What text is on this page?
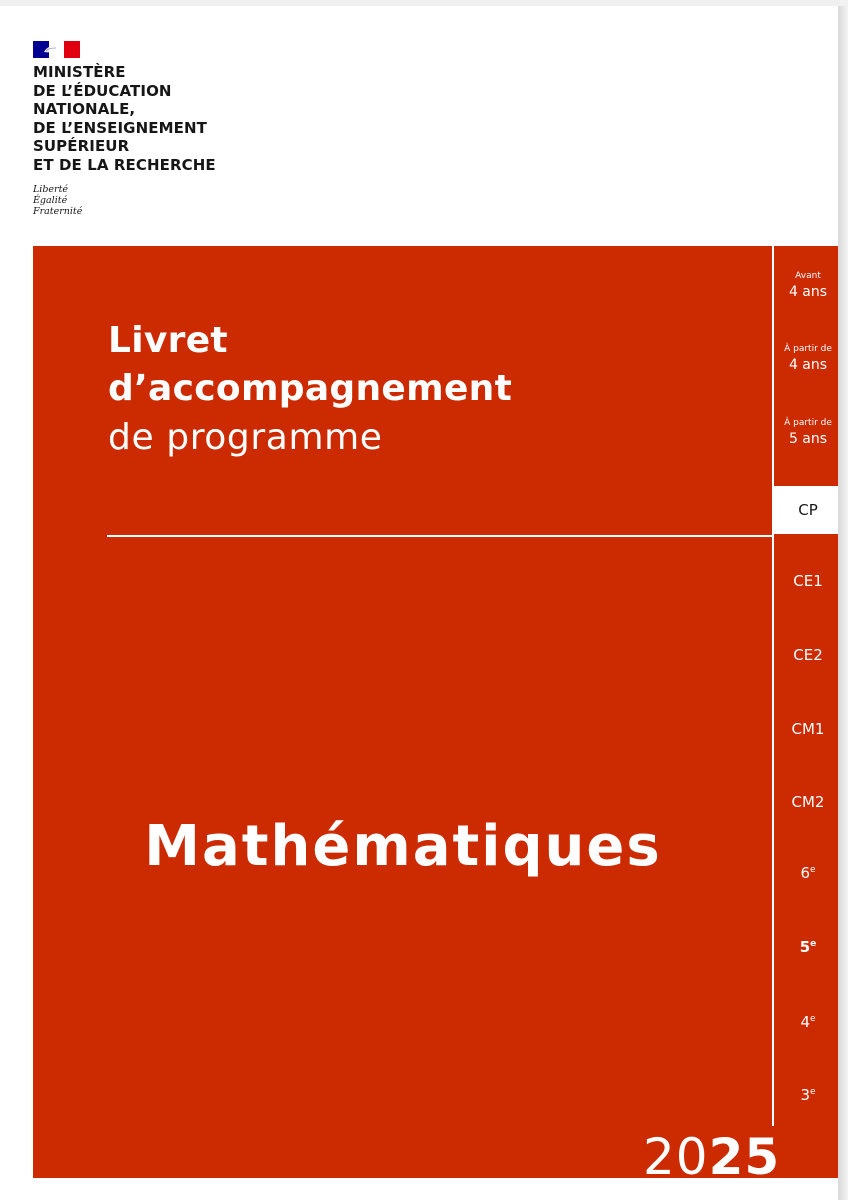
MINISTÈRE
DE L’ÉDUCATION
NATIONALE,
DE L’ENSEIGNEMENT
SUPÉRIEUR
ET DE LA RECHERCHE

Liberté
Égalité
Fraternité

Livret
d’accompagnement
de programme
Mathématiques
2025
Avant
4 ans
À partir de
4 ans
À partir de
5 ans
CP
CE1
CE2
CM1
CM2
6e
5e
4e
3e
